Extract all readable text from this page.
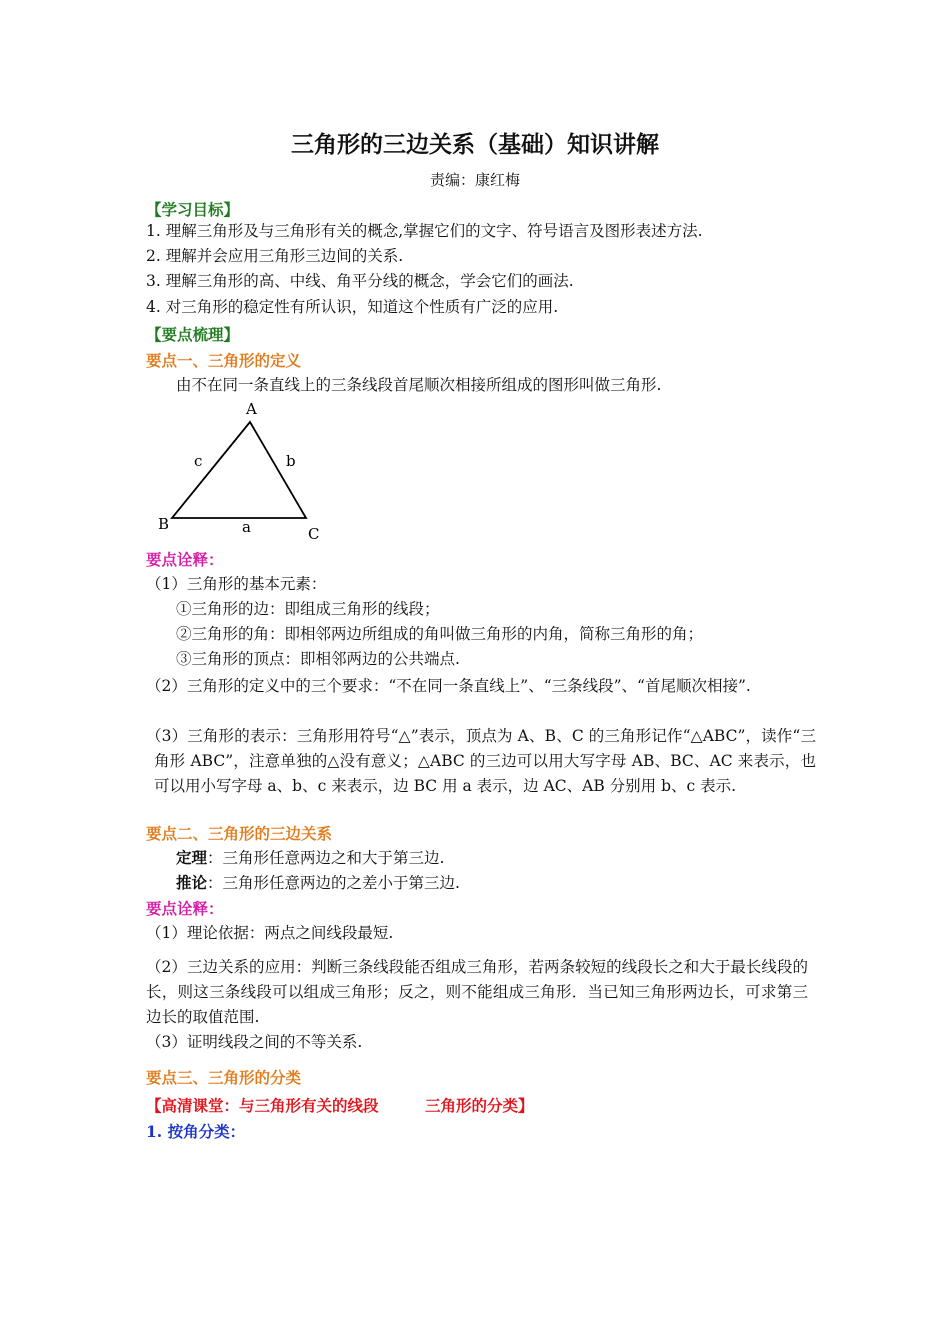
三角形的三边关系（基础）知识讲解
责编：康红梅
【学习目标】
1. 理解三角形及与三角形有关的概念,掌握它们的文字、符号语言及图形表述方法.
2. 理解并会应用三角形三边间的关系.
3. 理解三角形的高、中线、角平分线的概念，学会它们的画法.
4. 对三角形的稳定性有所认识，知道这个性质有广泛的应用.
【要点梳理】
要点一、三角形的定义
由不在同一条直线上的三条线段首尾顺次相接所组成的图形叫做三角形.
A
B
C
a
b
c
要点诠释：
（1）三角形的基本元素：
①三角形的边：即组成三角形的线段；
②三角形的角：即相邻两边所组成的角叫做三角形的内角，简称三角形的角；
③三角形的顶点：即相邻两边的公共端点.
（2）三角形的定义中的三个要求：“不在同一条直线上”、“三条线段”、“首尾顺次相接”.
（3）三角形的表示：三角形用符号“△”表示，顶点为 A、B、C 的三角形记作“△ABC”，读作“三角形 ABC”，注意单独的△没有意义；△ABC 的三边可以用大写字母 AB、BC、AC 来表示，也可以用小写字母 a、b、c 来表示，边 BC 用 a 表示，边 AC、AB 分别用 b、c 表示.
要点二、三角形的三边关系
定理：三角形任意两边之和大于第三边.
推论：三角形任意两边的之差小于第三边.
要点诠释：
（1）理论依据：两点之间线段最短.
（2）三边关系的应用：判断三条线段能否组成三角形，若两条较短的线段长之和大于最长线段的长，则这三条线段可以组成三角形；反之，则不能组成三角形．当已知三角形两边长，可求第三边长的取值范围.
（3）证明线段之间的不等关系.
要点三、三角形的分类
【高清课堂：与三角形有关的线段　　　三角形的分类】
1. 按角分类：
